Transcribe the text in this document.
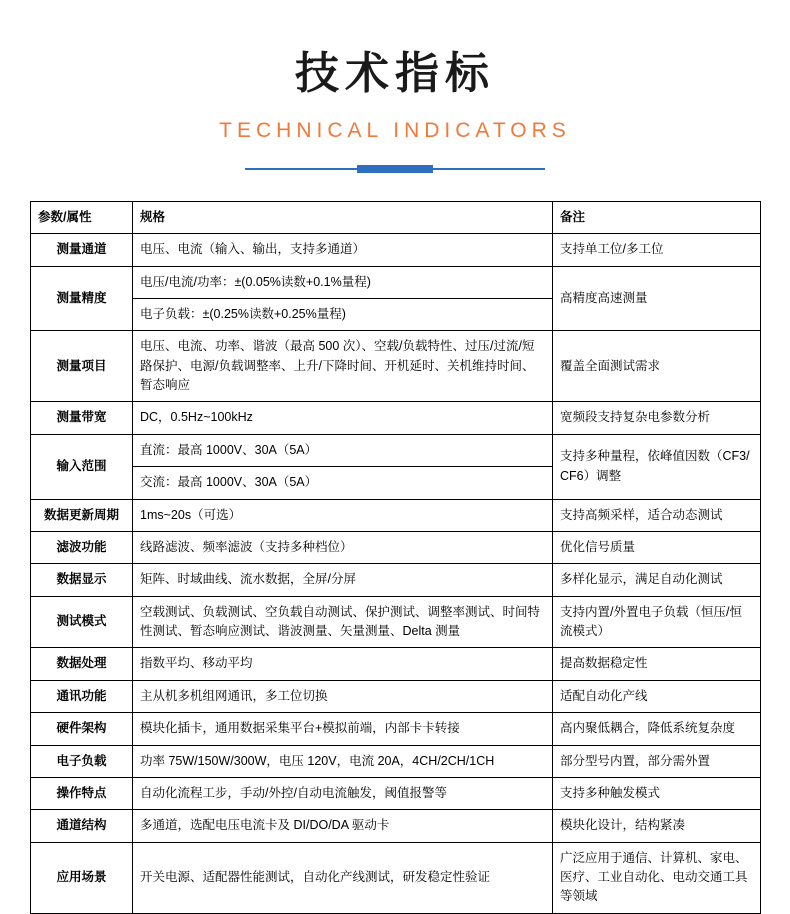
技术指标
TECHNICAL INDICATORS
参数/属性	规格	备注
测量通道	电压、电流（输入、输出，支持多通道）	支持单工位/多工位
测量精度	电压/电流/功率：±(0.05%读数+0.1%量程)	高精度高速测量
	电子负载：±(0.25%读数+0.25%量程)	
测量项目	电压、电流、功率、谐波（最高 500 次）、空载/负载特性、过压/过流/短路保护、电源/负载调整率、上升/下降时间、开机延时、关机维持时间、暂态响应	覆盖全面测试需求
测量带宽	DC，0.5Hz~100kHz	宽频段支持复杂电参数分析
输入范围	直流：最高 1000V、30A（5A）	支持多种量程，依峰值因数（CF3/CF6）调整
	交流：最高 1000V、30A（5A）	
数据更新周期	1ms~20s（可选）	支持高频采样，适合动态测试
滤波功能	线路滤波、频率滤波（支持多种档位）	优化信号质量
数据显示	矩阵、时域曲线、流水数据，全屏/分屏	多样化显示，满足自动化测试
测试模式	空载测试、负载测试、空负载自动测试、保护测试、调整率测试、时间特性测试、暂态响应测试、谐波测量、矢量测量、Delta 测量	支持内置/外置电子负载（恒压/恒流模式）
数据处理	指数平均、移动平均	提高数据稳定性
通讯功能	主从机多机组网通讯，多工位切换	适配自动化产线
硬件架构	模块化插卡，通用数据采集平台+模拟前端，内部卡卡转接	高内聚低耦合，降低系统复杂度
电子负载	功率 75W/150W/300W，电压 120V，电流 20A，4CH/2CH/1CH	部分型号内置，部分需外置
操作特点	自动化流程工步，手动/外控/自动电流触发，阈值报警等	支持多种触发模式
通道结构	多通道，选配电压电流卡及 DI/DO/DA 驱动卡	模块化设计，结构紧凑
应用场景	开关电源、适配器性能测试，自动化产线测试，研发稳定性验证	广泛应用于通信、计算机、家电、医疗、工业自动化、电动交通工具等领域
